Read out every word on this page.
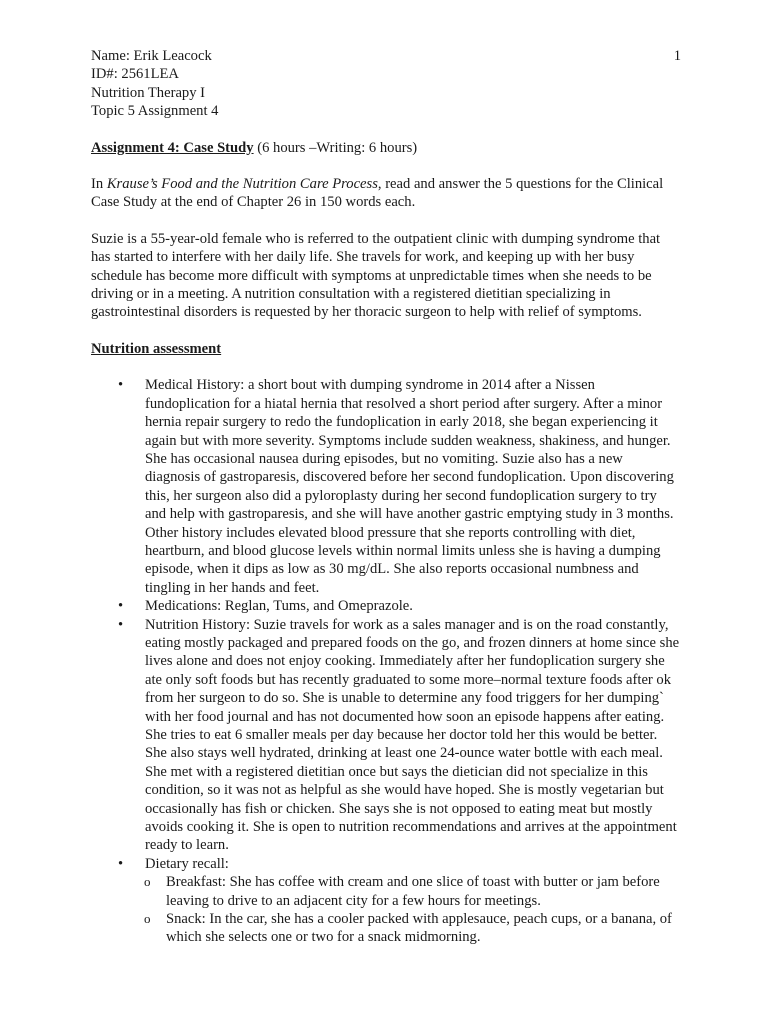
1
Name: Erik Leacock
ID#: 2561LEA
Nutrition Therapy I
Topic 5 Assignment 4

Assignment 4: Case Study (6 hours –Writing: 6 hours)

In Krause’s Food and the Nutrition Care Process, read and answer the 5 questions for the Clinical Case Study at the end of Chapter 26 in 150 words each.

Suzie is a 55-year-old female who is referred to the outpatient clinic with dumping syndrome that has started to interfere with her daily life. She travels for work, and keeping up with her busy schedule has become more difficult with symptoms at unpredictable times when she needs to be driving or in a meeting. A nutrition consultation with a registered dietitian specializing in gastrointestinal disorders is requested by her thoracic surgeon to help with relief of symptoms.

Nutrition assessment

• Medical History: a short bout with dumping syndrome in 2014 after a Nissen fundoplication for a hiatal hernia that resolved a short period after surgery. After a minor hernia repair surgery to redo the fundoplication in early 2018, she began experiencing it again but with more severity. Symptoms include sudden weakness, shakiness, and hunger. She has occasional nausea during episodes, but no vomiting. Suzie also has a new diagnosis of gastroparesis, discovered before her second fundoplication. Upon discovering this, her surgeon also did a pyloroplasty during her second fundoplication surgery to try and help with gastroparesis, and she will have another gastric emptying study in 3 months. Other history includes elevated blood pressure that she reports controlling with diet, heartburn, and blood glucose levels within normal limits unless she is having a dumping episode, when it dips as low as 30 mg/dL. She also reports occasional numbness and tingling in her hands and feet.
• Medications: Reglan, Tums, and Omeprazole.
• Nutrition History: Suzie travels for work as a sales manager and is on the road constantly, eating mostly packaged and prepared foods on the go, and frozen dinners at home since she lives alone and does not enjoy cooking. Immediately after her fundoplication surgery she ate only soft foods but has recently graduated to some more–normal texture foods after ok from her surgeon to do so. She is unable to determine any food triggers for her dumping` with her food journal and has not documented how soon an episode happens after eating. She tries to eat 6 smaller meals per day because her doctor told her this would be better. She also stays well hydrated, drinking at least one 24-ounce water bottle with each meal. She met with a registered dietitian once but says the dietician did not specialize in this condition, so it was not as helpful as she would have hoped. She is mostly vegetarian but occasionally has fish or chicken. She says she is not opposed to eating meat but mostly avoids cooking it. She is open to nutrition recommendations and arrives at the appointment ready to learn.
• Dietary recall:
o Breakfast: She has coffee with cream and one slice of toast with butter or jam before leaving to drive to an adjacent city for a few hours for meetings.
o Snack: In the car, she has a cooler packed with applesauce, peach cups, or a banana, of which she selects one or two for a snack midmorning.
